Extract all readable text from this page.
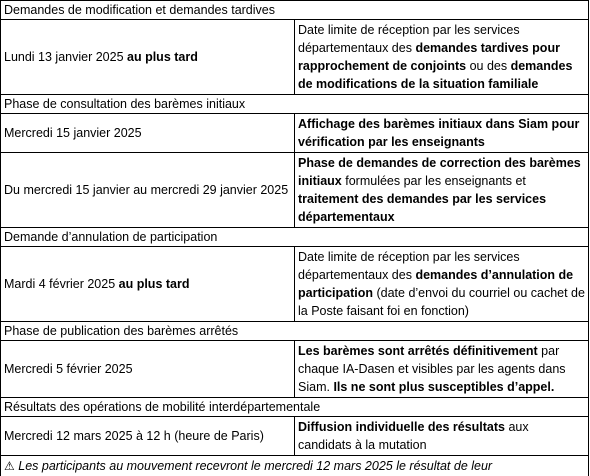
Demandes de modification et demandes tardives	
Lundi 13 janvier 2025 au plus tard	Date limite de réception par les services départementaux des demandes tardives pour rapprochement de conjoints ou des demandes de modifications de la situation familiale
Phase de consultation des barèmes initiaux	
Mercredi 15 janvier 2025	Affichage des barèmes initiaux dans Siam pour vérification par les enseignants
Du mercredi 15 janvier au mercredi 29 janvier 2025	Phase de demandes de correction des barèmes initiaux formulées par les enseignants et traitement des demandes par les services départementaux
Demande d’annulation de participation	
Mardi 4 février 2025 au plus tard	Date limite de réception par les services départementaux des demandes d’annulation de participation (date d’envoi du courriel ou cachet de la Poste faisant foi en fonction)
Phase de publication des barèmes arrêtés	
Mercredi 5 février 2025	Les barèmes sont arrêtés définitivement par chaque IA-Dasen et visibles par les agents dans Siam. Ils ne sont plus susceptibles d’appel.
Résultats des opérations de mobilité interdépartementale	
Mercredi 12 mars 2025 à 12 h (heure de Paris)	Diffusion individuelle des résultats aux candidats à la mutation
⚠ Les participants au mouvement recevront le mercredi 12 mars 2025 le résultat de leur	
